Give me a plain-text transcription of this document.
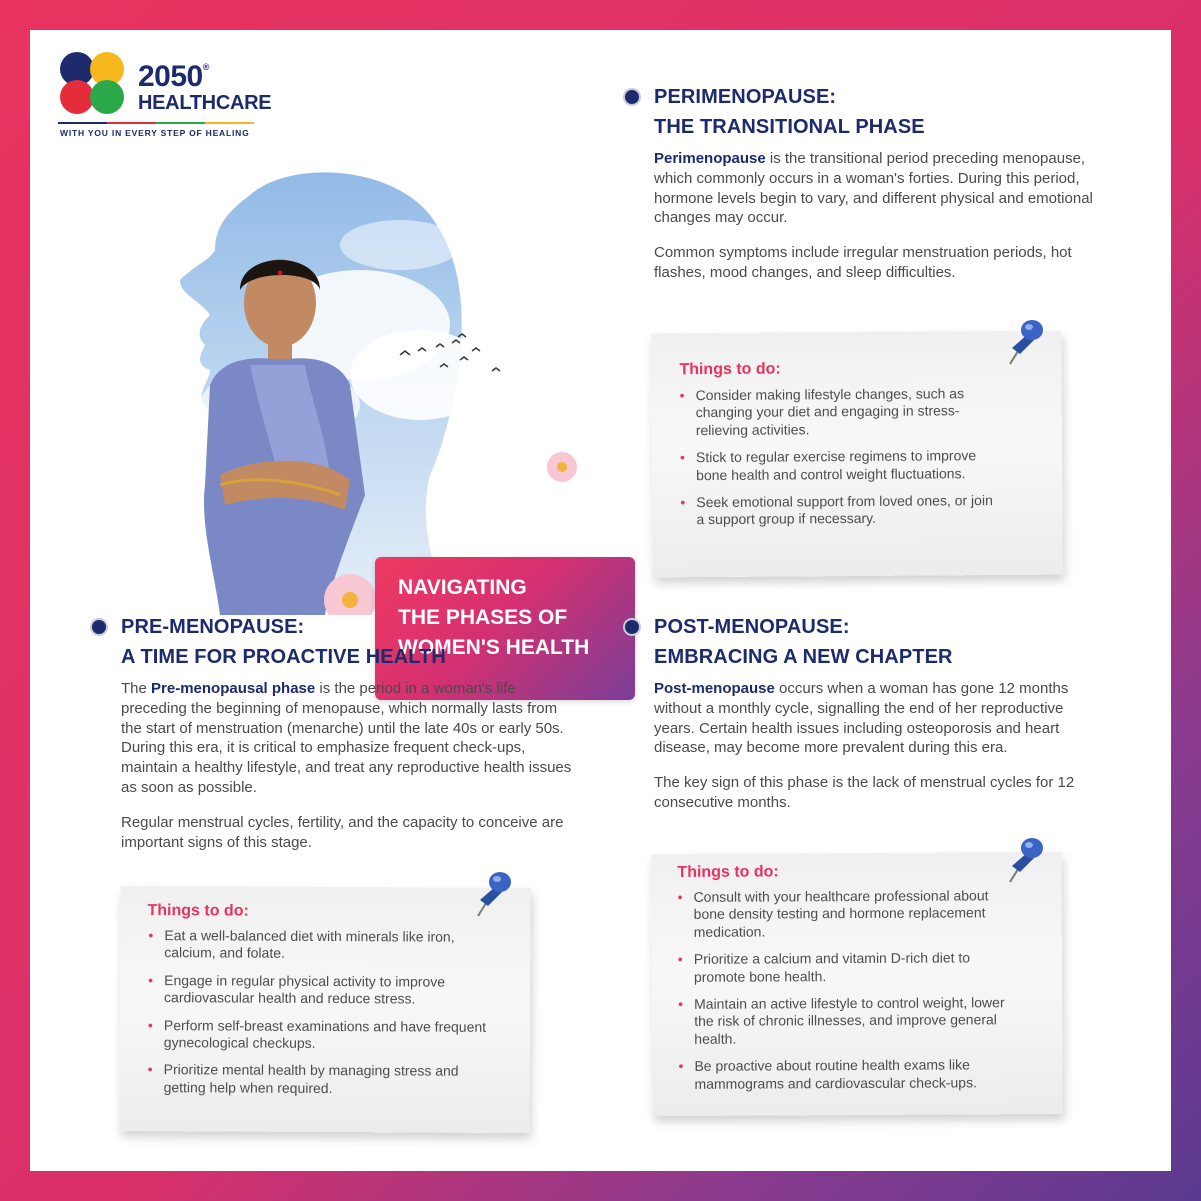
2050®
HEALTHCARE
WITH YOU IN EVERY STEP OF HEALING
NAVIGATING
THE PHASES OF
WOMEN'S HEALTH
PERIMENOPAUSE:
THE TRANSITIONAL PHASE

Perimenopause is the transitional period preceding menopause, which commonly occurs in a woman's forties. During this period, hormone levels begin to vary, and different physical and emotional changes may occur.

Common symptoms include irregular menstruation periods, hot flashes, mood changes, and sleep difficulties.

Things to do:
• Consider making lifestyle changes, such as changing your diet and engaging in stress-relieving activities.
• Stick to regular exercise regimens to improve bone health and control weight fluctuations.
• Seek emotional support from loved ones, or join a support group if necessary.
PRE-MENOPAUSE:
A TIME FOR PROACTIVE HEALTH

The Pre-menopausal phase is the period in a woman's life preceding the beginning of menopause, which normally lasts from the start of menstruation (menarche) until the late 40s or early 50s. During this era, it is critical to emphasize frequent check-ups, maintain a healthy lifestyle, and treat any reproductive health issues as soon as possible.

Regular menstrual cycles, fertility, and the capacity to conceive are important signs of this stage.

Things to do:
• Eat a well-balanced diet with minerals like iron, calcium, and folate.
• Engage in regular physical activity to improve cardiovascular health and reduce stress.
• Perform self-breast examinations and have frequent gynecological checkups.
• Prioritize mental health by managing stress and getting help when required.
POST-MENOPAUSE:
EMBRACING A NEW CHAPTER

Post-menopause occurs when a woman has gone 12 months without a monthly cycle, signalling the end of her reproductive years. Certain health issues including osteoporosis and heart disease, may become more prevalent during this era.

The key sign of this phase is the lack of menstrual cycles for 12 consecutive months.

Things to do:
• Consult with your healthcare professional about bone density testing and hormone replacement medication.
• Prioritize a calcium and vitamin D-rich diet to promote bone health.
• Maintain an active lifestyle to control weight, lower the risk of chronic illnesses, and improve general health.
• Be proactive about routine health exams like mammograms and cardiovascular check-ups.
